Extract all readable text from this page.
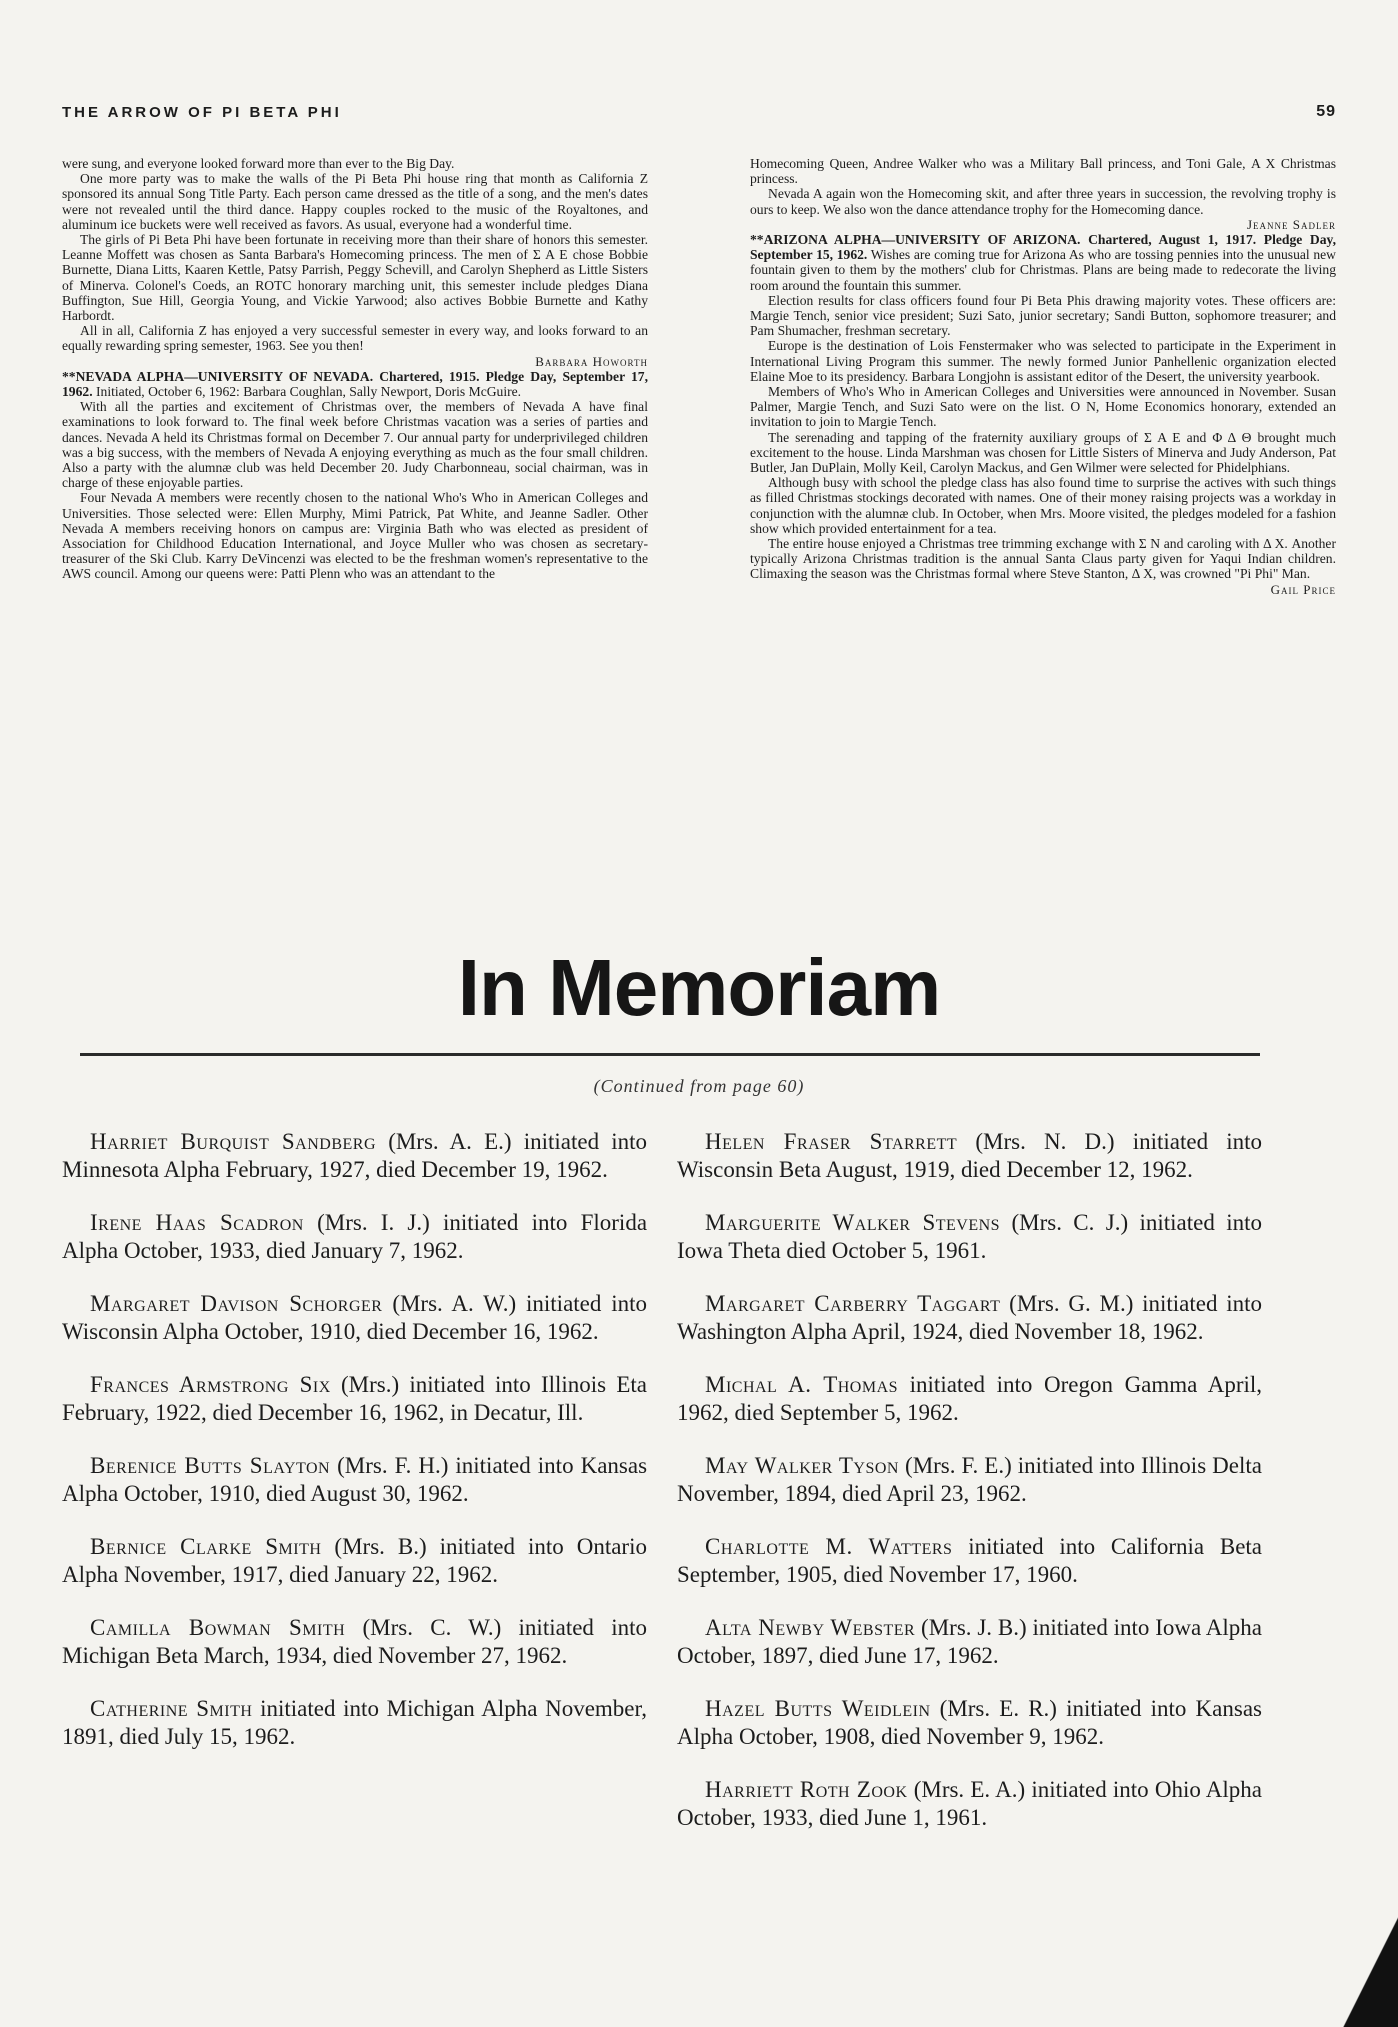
THE ARROW OF PI BETA PHI	59

were sung, and everyone looked forward more than ever to the Big Day.

One more party was to make the walls of the Pi Beta Phi house ring that month as California Z sponsored its annual Song Title Party. Each person came dressed as the title of a song, and the men's dates were not revealed until the third dance. Happy couples rocked to the music of the Royaltones, and aluminum ice buckets were well received as favors. As usual, everyone had a wonderful time.

The girls of Pi Beta Phi have been fortunate in receiving more than their share of honors this semester. Leanne Moffett was chosen as Santa Barbara's Homecoming princess. The men of Σ Α Ε chose Bobbie Burnette, Diana Litts, Kaaren Kettle, Patsy Parrish, Peggy Schevill, and Carolyn Shepherd as Little Sisters of Minerva. Colonel's Coeds, an ROTC honorary marching unit, this semester include pledges Diana Buffington, Sue Hill, Georgia Young, and Vickie Yarwood; also actives Bobbie Burnette and Kathy Harbordt.

All in all, California Z has enjoyed a very successful semester in every way, and looks forward to an equally rewarding spring semester, 1963. See you then!

Barbara Howorth

**NEVADA ALPHA—UNIVERSITY OF NEVADA. Chartered, 1915. Pledge Day, September 17, 1962. Initiated, October 6, 1962: Barbara Coughlan, Sally Newport, Doris McGuire.

With all the parties and excitement of Christmas over, the members of Nevada A have final examinations to look forward to. The final week before Christmas vacation was a series of parties and dances. Nevada A held its Christmas formal on December 7. Our annual party for underprivileged children was a big success, with the members of Nevada A enjoying everything as much as the four small children. Also a party with the alumnæ club was held December 20. Judy Charbonneau, social chairman, was in charge of these enjoyable parties.

Four Nevada A members were recently chosen to the national Who's Who in American Colleges and Universities. Those selected were: Ellen Murphy, Mimi Patrick, Pat White, and Jeanne Sadler. Other Nevada A members receiving honors on campus are: Virginia Bath who was elected as president of Association for Childhood Education International, and Joyce Muller who was chosen as secretary-treasurer of the Ski Club. Karry DeVincenzi was elected to be the freshman women's representative to the AWS council. Among our queens were: Patti Plenn who was an attendant to the

Homecoming Queen, Andree Walker who was a Military Ball princess, and Toni Gale, Α Χ Christmas princess.

Nevada A again won the Homecoming skit, and after three years in succession, the revolving trophy is ours to keep. We also won the dance attendance trophy for the Homecoming dance.

Jeanne Sadler

**ARIZONA ALPHA—UNIVERSITY OF ARIZONA. Chartered, August 1, 1917. Pledge Day, September 15, 1962. Wishes are coming true for Arizona As who are tossing pennies into the unusual new fountain given to them by the mothers' club for Christmas. Plans are being made to redecorate the living room around the fountain this summer.

Election results for class officers found four Pi Beta Phis drawing majority votes. These officers are: Margie Tench, senior vice president; Suzi Sato, junior secretary; Sandi Button, sophomore treasurer; and Pam Shumacher, freshman secretary.

Europe is the destination of Lois Fenstermaker who was selected to participate in the Experiment in International Living Program this summer. The newly formed Junior Panhellenic organization elected Elaine Moe to its presidency. Barbara Longjohn is assistant editor of the Desert, the university yearbook.

Members of Who's Who in American Colleges and Universities were announced in November. Susan Palmer, Margie Tench, and Suzi Sato were on the list. Ο Ν, Home Economics honorary, extended an invitation to join to Margie Tench.

The serenading and tapping of the fraternity auxiliary groups of Σ Α Ε and Φ Δ Θ brought much excitement to the house. Linda Marshman was chosen for Little Sisters of Minerva and Judy Anderson, Pat Butler, Jan DuPlain, Molly Keil, Carolyn Mackus, and Gen Wilmer were selected for Phidelphians.

Although busy with school the pledge class has also found time to surprise the actives with such things as filled Christmas stockings decorated with names. One of their money raising projects was a workday in conjunction with the alumnæ club. In October, when Mrs. Moore visited, the pledges modeled for a fashion show which provided entertainment for a tea.

The entire house enjoyed a Christmas tree trimming exchange with Σ Ν and caroling with Δ Χ. Another typically Arizona Christmas tradition is the annual Santa Claus party given for Yaqui Indian children. Climaxing the season was the Christmas formal where Steve Stanton, Δ Χ, was crowned "Pi Phi" Man.

Gail Price

In Memoriam
(Continued from page 60)

Harriet Burquist Sandberg (Mrs. A. E.) initiated into Minnesota Alpha February, 1927, died December 19, 1962.

Irene Haas Scadron (Mrs. I. J.) initiated into Florida Alpha October, 1933, died January 7, 1962.

Margaret Davison Schorger (Mrs. A. W.) initiated into Wisconsin Alpha October, 1910, died December 16, 1962.

Frances Armstrong Six (Mrs.) initiated into Illinois Eta February, 1922, died December 16, 1962, in Decatur, Ill.

Berenice Butts Slayton (Mrs. F. H.) initiated into Kansas Alpha October, 1910, died August 30, 1962.

Bernice Clarke Smith (Mrs. B.) initiated into Ontario Alpha November, 1917, died January 22, 1962.

Camilla Bowman Smith (Mrs. C. W.) initiated into Michigan Beta March, 1934, died November 27, 1962.

Catherine Smith initiated into Michigan Alpha November, 1891, died July 15, 1962.

Helen Fraser Starrett (Mrs. N. D.) initiated into Wisconsin Beta August, 1919, died December 12, 1962.

Marguerite Walker Stevens (Mrs. C. J.) initiated into Iowa Theta died October 5, 1961.

Margaret Carberry Taggart (Mrs. G. M.) initiated into Washington Alpha April, 1924, died November 18, 1962.

Michal A. Thomas initiated into Oregon Gamma April, 1962, died September 5, 1962.

May Walker Tyson (Mrs. F. E.) initiated into Illinois Delta November, 1894, died April 23, 1962.

Charlotte M. Watters initiated into California Beta September, 1905, died November 17, 1960.

Alta Newby Webster (Mrs. J. B.) initiated into Iowa Alpha October, 1897, died June 17, 1962.

Hazel Butts Weidlein (Mrs. E. R.) initiated into Kansas Alpha October, 1908, died November 9, 1962.

Harriett Roth Zook (Mrs. E. A.) initiated into Ohio Alpha October, 1933, died June 1, 1961.
